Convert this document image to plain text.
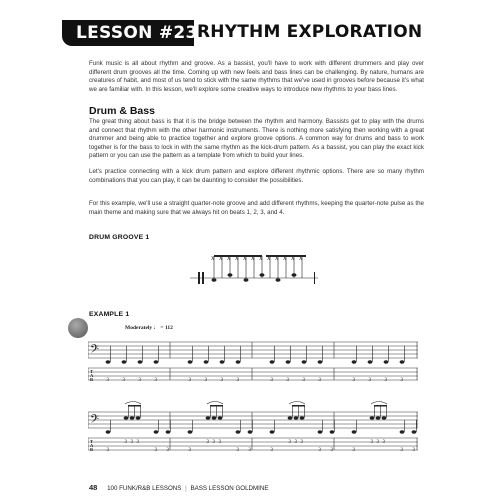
LESSON #23:
RHYTHM EXPLORATION
Funk music is all about rhythm and groove. As a bassist, you'll have to work with different drummers and play over different drum grooves all the time. Coming up with new feels and bass lines can be challenging. By nature, humans are creatures of habit, and most of us tend to stick with the same rhythms that we've used in grooves before because it's what we are familiar with. In this lesson, we'll explore some creative ways to introduce new rhythms to your bass lines.
Drum & Bass
The great thing about bass is that it is the bridge between the rhythm and harmony. Bassists get to play with the drums and connect that rhythm with the other harmonic instruments. There is nothing more satisfying then working with a great drummer and being able to practice together and explore groove options. A common way for drums and bass to work together is for the bass to lock in with the same rhythm as the kick-drum pattern. As a bassist, you can play the exact kick pattern or you can use the pattern as a template from which to build your lines.
Let's practice connecting with a kick drum pattern and explore different rhythmic options. There are so many rhythm combinations that you can play, it can be daunting to consider the possibilities.
For this example, we'll use a straight quarter-note groove and add different rhythms, keeping the quarter-note pulse as the main theme and making sure that we always hit on beats 1, 2, 3, and 4.
DRUM GROOVE 1
x x x x x x x x x x x x
EXAMPLE 1
Moderately ♩ = 112
𝄢
T
A
B	3	3	3	3	3	3	3	3	3	3	3	3	3	3	3	3
𝄢
T
A
B	3
3 3 3
3 3	3
3 3 3
3 3	3
3 3 3
3 3	3
3 3 3
3 3
48 100 FUNK/R&B LESSONS | BASS LESSON GOLDMINE
